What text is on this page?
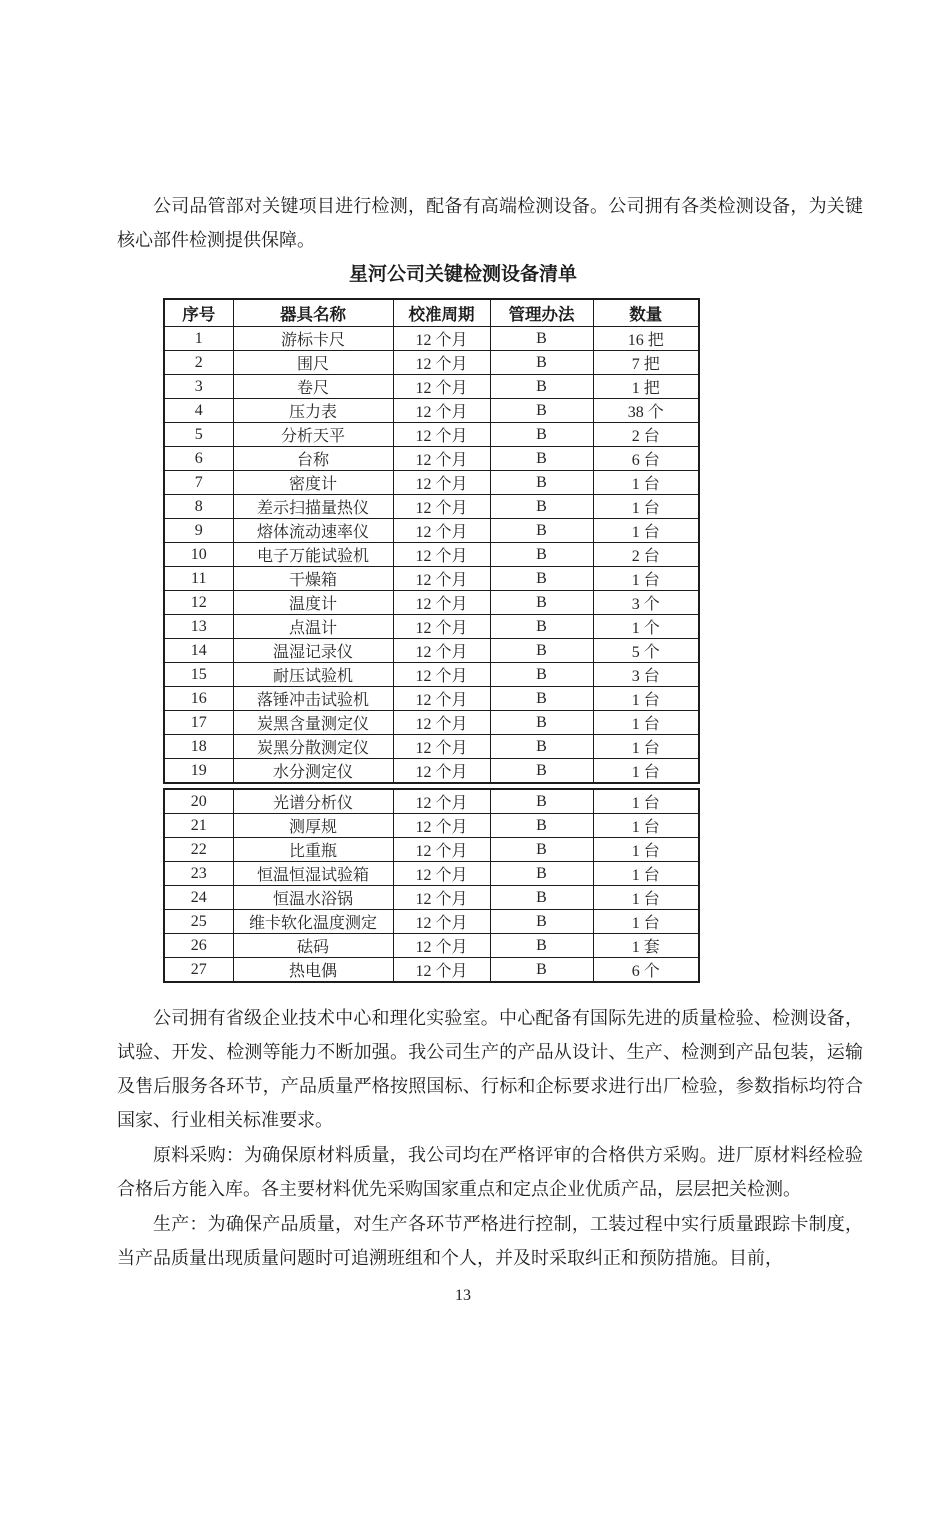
公司品管部对关键项目进行检测，配备有高端检测设备。公司拥有各类检测设备，为关键核心部件检测提供保障。

星河公司关键检测设备清单
序号	器具名称	校准周期	管理办法	数量
1	游标卡尺	12 个月	B	16 把
2	围尺	12 个月	B	7 把
3	卷尺	12 个月	B	1 把
4	压力表	12 个月	B	38 个
5	分析天平	12 个月	B	2 台
6	台称	12 个月	B	6 台
7	密度计	12 个月	B	1 台
8	差示扫描量热仪	12 个月	B	1 台
9	熔体流动速率仪	12 个月	B	1 台
10	电子万能试验机	12 个月	B	2 台
11	干燥箱	12 个月	B	1 台
12	温度计	12 个月	B	3 个
13	点温计	12 个月	B	1 个
14	温湿记录仪	12 个月	B	5 个
15	耐压试验机	12 个月	B	3 台
16	落锤冲击试验机	12 个月	B	1 台
17	炭黑含量测定仪	12 个月	B	1 台
18	炭黑分散测定仪	12 个月	B	1 台
19	水分测定仪	12 个月	B	1 台
20	光谱分析仪	12 个月	B	1 台
21	测厚规	12 个月	B	1 台
22	比重瓶	12 个月	B	1 台
23	恒温恒湿试验箱	12 个月	B	1 台
24	恒温水浴锅	12 个月	B	1 台
25	维卡软化温度测定	12 个月	B	1 台
26	砝码	12 个月	B	1 套
27	热电偶	12 个月	B	6 个

公司拥有省级企业技术中心和理化实验室。中心配备有国际先进的质量检验、检测设备，试验、开发、检测等能力不断加强。我公司生产的产品从设计、生产、检测到产品包装，运输及售后服务各环节，产品质量严格按照国标、行标和企标要求进行出厂检验，参数指标均符合国家、行业相关标准要求。

原料采购：为确保原材料质量，我公司均在严格评审的合格供方采购。进厂原材料经检验合格后方能入库。各主要材料优先采购国家重点和定点企业优质产品，层层把关检测。

生产：为确保产品质量，对生产各环节严格进行控制，工装过程中实行质量跟踪卡制度，当产品质量出现质量问题时可追溯班组和个人，并及时采取纠正和预防措施。目前，

13
